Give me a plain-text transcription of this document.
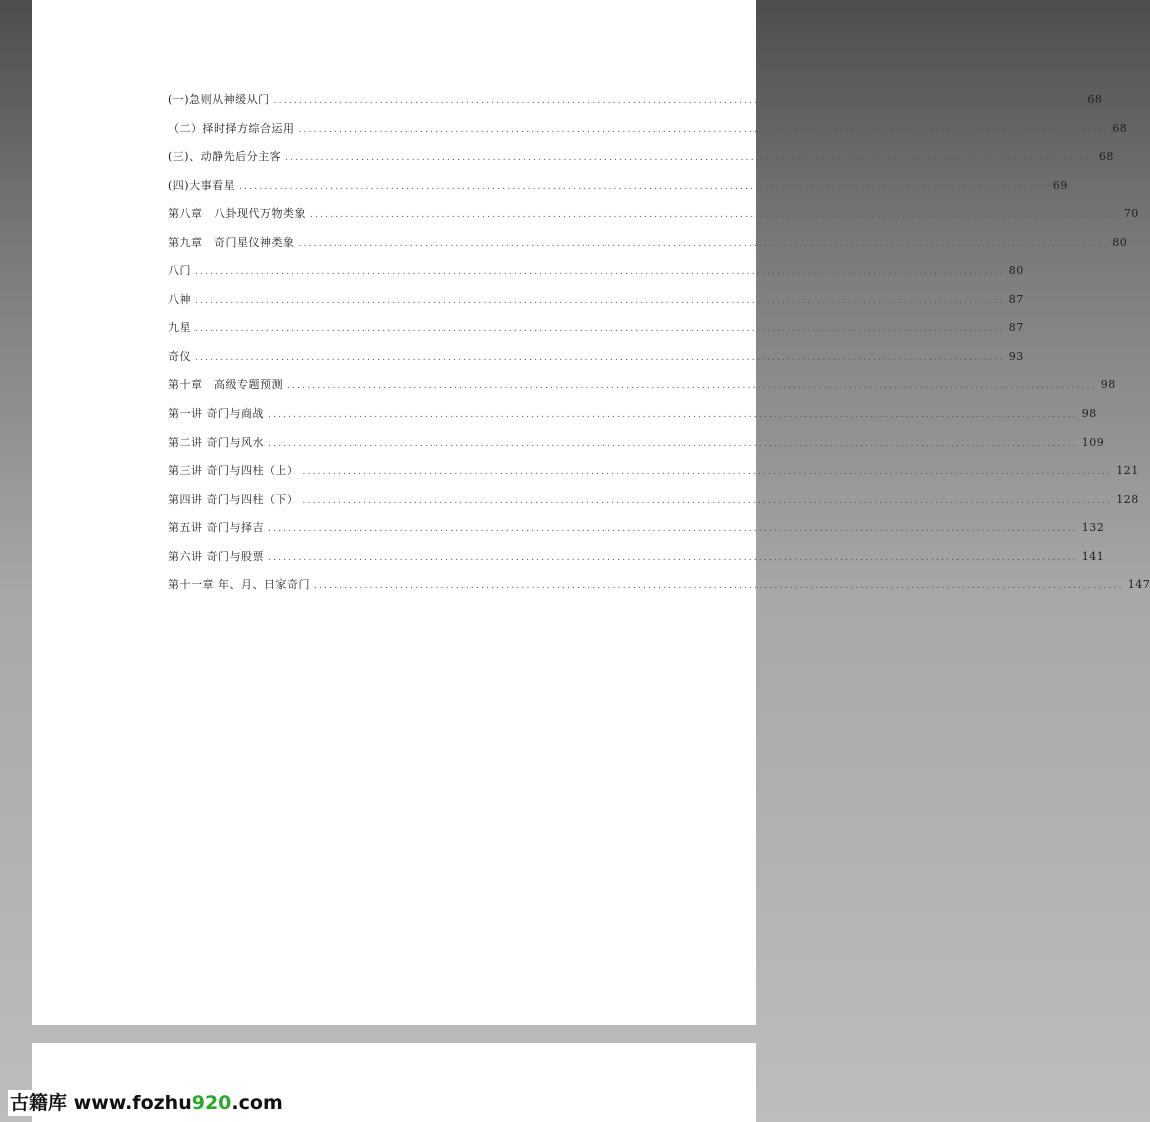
(一)急则从神缓从门 ................................................................................................................................................................ 68
（二）择时择方综合运用 ................................................................................................................................................................ 68
(三)、动静先后分主客 ................................................................................................................................................................ 68
(四)大事看星 ................................................................................................................................................................ 69
第八章　八卦现代万物类象 ................................................................................................................................................................ 70
第九章　奇门星仪神类象 ................................................................................................................................................................ 80
八门 ................................................................................................................................................................ 80
八神 ................................................................................................................................................................ 87
九星 ................................................................................................................................................................ 87
奇仪 ................................................................................................................................................................ 93
第十章　高级专题预测 ................................................................................................................................................................ 98
第一讲 奇门与商战 ................................................................................................................................................................ 98
第二讲 奇门与风水 ................................................................................................................................................................ 109
第三讲 奇门与四柱（上） ................................................................................................................................................................ 121
第四讲 奇门与四柱（下） ................................................................................................................................................................ 128
第五讲 奇门与择吉 ................................................................................................................................................................ 132
第六讲 奇门与股票 ................................................................................................................................................................ 141
第十一章 年、月、日家奇门 ................................................................................................................................................................ 147
古籍库 www.fozhu920.com
